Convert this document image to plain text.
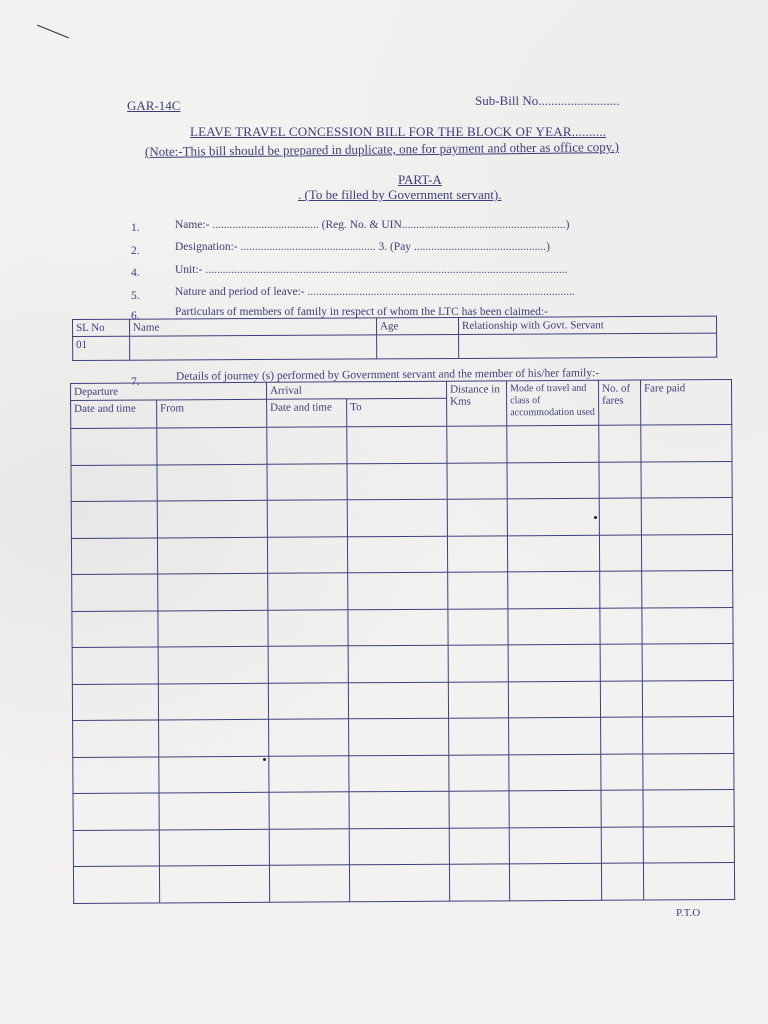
GAR-14C	Sub-Bill No.........................
LEAVE TRAVEL CONCESSION BILL FOR THE BLOCK OF YEAR..........
(Note:-This bill should be prepared in duplicate, one for payment and other as office copy.)
PART-A
. (To be filled by Government servant).
1.	Name:- ..................................... (Reg. No. & UIN.........................................................)
2.	Designation:- ............................................... 3. (Pay ..............................................)
4.	Unit:- ..............................................................................................................................
5.	Nature and period of leave:- .............................................................................................
6.	Particulars of members of family in respect of whom the LTC has been claimed:-
SL No	Name	Age	Relationship with Govt. Servant
01			
7.	Details of journey (s) performed by Government servant and the member of his/her family:-
Departure		Arrival		Distance in Kms	Mode of travel and class of accommodation used	No. of fares	Fare paid
Date and time	From	Date and time	To				

P.T.O
